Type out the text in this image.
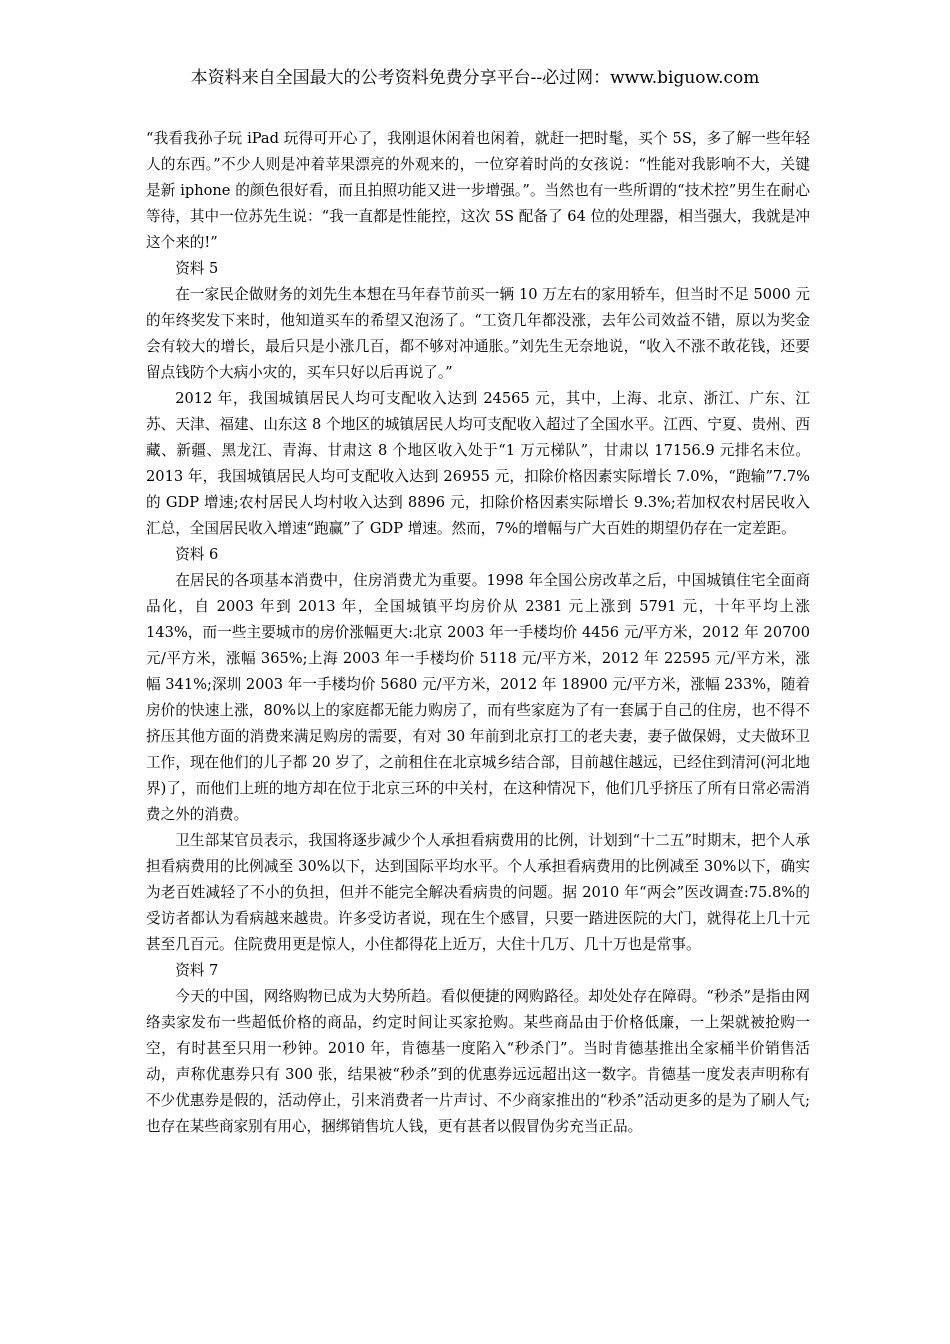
本资料来自全国最大的公考资料免费分享平台--必过网：www.biguow.com

“我看我孙子玩 iPad 玩得可开心了，我刚退休闲着也闲着，就赶一把时髦，买个 5S，多了解一些年轻人的东西。”不少人则是冲着苹果漂亮的外观来的，一位穿着时尚的女孩说：“性能对我影响不大，关键是新 iphone 的颜色很好看，而且拍照功能又进一步增强。”。当然也有一些所谓的“技术控”男生在耐心等待，其中一位苏先生说：“我一直都是性能控，这次 5S 配备了 64 位的处理器，相当强大，我就是冲这个来的!”

资料 5

在一家民企做财务的刘先生本想在马年春节前买一辆 10 万左右的家用轿车，但当时不足 5000 元的年终奖发下来时，他知道买车的希望又泡汤了。“工资几年都没涨，去年公司效益不错，原以为奖金会有较大的增长，最后只是小涨几百，都不够对冲通胀。”刘先生无奈地说，“收入不涨不敢花钱，还要留点钱防个大病小灾的，买车只好以后再说了。”

2012 年，我国城镇居民人均可支配收入达到 24565 元，其中，上海、北京、浙江、广东、江苏、天津、福建、山东这 8 个地区的城镇居民人均可支配收入超过了全国水平。江西、宁夏、贵州、西藏、新疆、黑龙江、青海、甘肃这 8 个地区收入处于“1 万元梯队”，甘肃以 17156.9 元排名末位。2013 年，我国城镇居民人均可支配收入达到 26955 元，扣除价格因素实际增长 7.0%，“跑输”7.7%的 GDP 增速;农村居民人均村收入达到 8896 元，扣除价格因素实际增长 9.3%;若加权农村居民收入汇总，全国居民收入增速“跑赢”了 GDP 增速。然而，7%的增幅与广大百姓的期望仍存在一定差距。

资料 6

在居民的各项基本消费中，住房消费尤为重要。1998 年全国公房改革之后，中国城镇住宅全面商品化，自 2003 年到 2013 年，全国城镇平均房价从 2381 元上涨到 5791 元，十年平均上涨 143%，而一些主要城市的房价涨幅更大:北京 2003 年一手楼均价 4456 元/平方米，2012 年 20700 元/平方米，涨幅 365%;上海 2003 年一手楼均价 5118 元/平方米，2012 年 22595 元/平方米，涨幅 341%;深圳 2003 年一手楼均价 5680 元/平方米，2012 年 18900 元/平方米，涨幅 233%，随着房价的快速上涨，80%以上的家庭都无能力购房了，而有些家庭为了有一套属于自己的住房，也不得不挤压其他方面的消费来满足购房的需要，有对 30 年前到北京打工的老夫妻，妻子做保姆，丈夫做环卫工作，现在他们的儿子都 20 岁了，之前租住在北京城乡结合部，目前越住越远，已经住到清河(河北地界)了，而他们上班的地方却在位于北京三环的中关村，在这种情况下，他们几乎挤压了所有日常必需消费之外的消费。

卫生部某官员表示，我国将逐步减少个人承担看病费用的比例，计划到“十二五”时期末，把个人承担看病费用的比例减至 30%以下，达到国际平均水平。个人承担看病费用的比例减至 30%以下，确实为老百姓减轻了不小的负担，但并不能完全解决看病贵的问题。据 2010 年“两会”医改调查:75.8%的受访者都认为看病越来越贵。许多受访者说，现在生个感冒，只要一踏进医院的大门，就得花上几十元甚至几百元。住院费用更是惊人，小住都得花上近万，大住十几万、几十万也是常事。

资料 7

今天的中国，网络购物已成为大势所趋。看似便捷的网购路径。却处处存在障碍。“秒杀”是指由网络卖家发布一些超低价格的商品，约定时间让买家抢购。某些商品由于价格低廉，一上架就被抢购一空，有时甚至只用一秒钟。2010 年，肯德基一度陷入“秒杀门”。当时肯德基推出全家桶半价销售活动，声称优惠券只有 300 张，结果被“秒杀”到的优惠券远远超出这一数字。肯德基一度发表声明称有不少优惠券是假的，活动停止，引来消费者一片声讨、不少商家推出的“秒杀”活动更多的是为了刷人气;也存在某些商家别有用心，捆绑销售坑人钱，更有甚者以假冒伪劣充当正品。
